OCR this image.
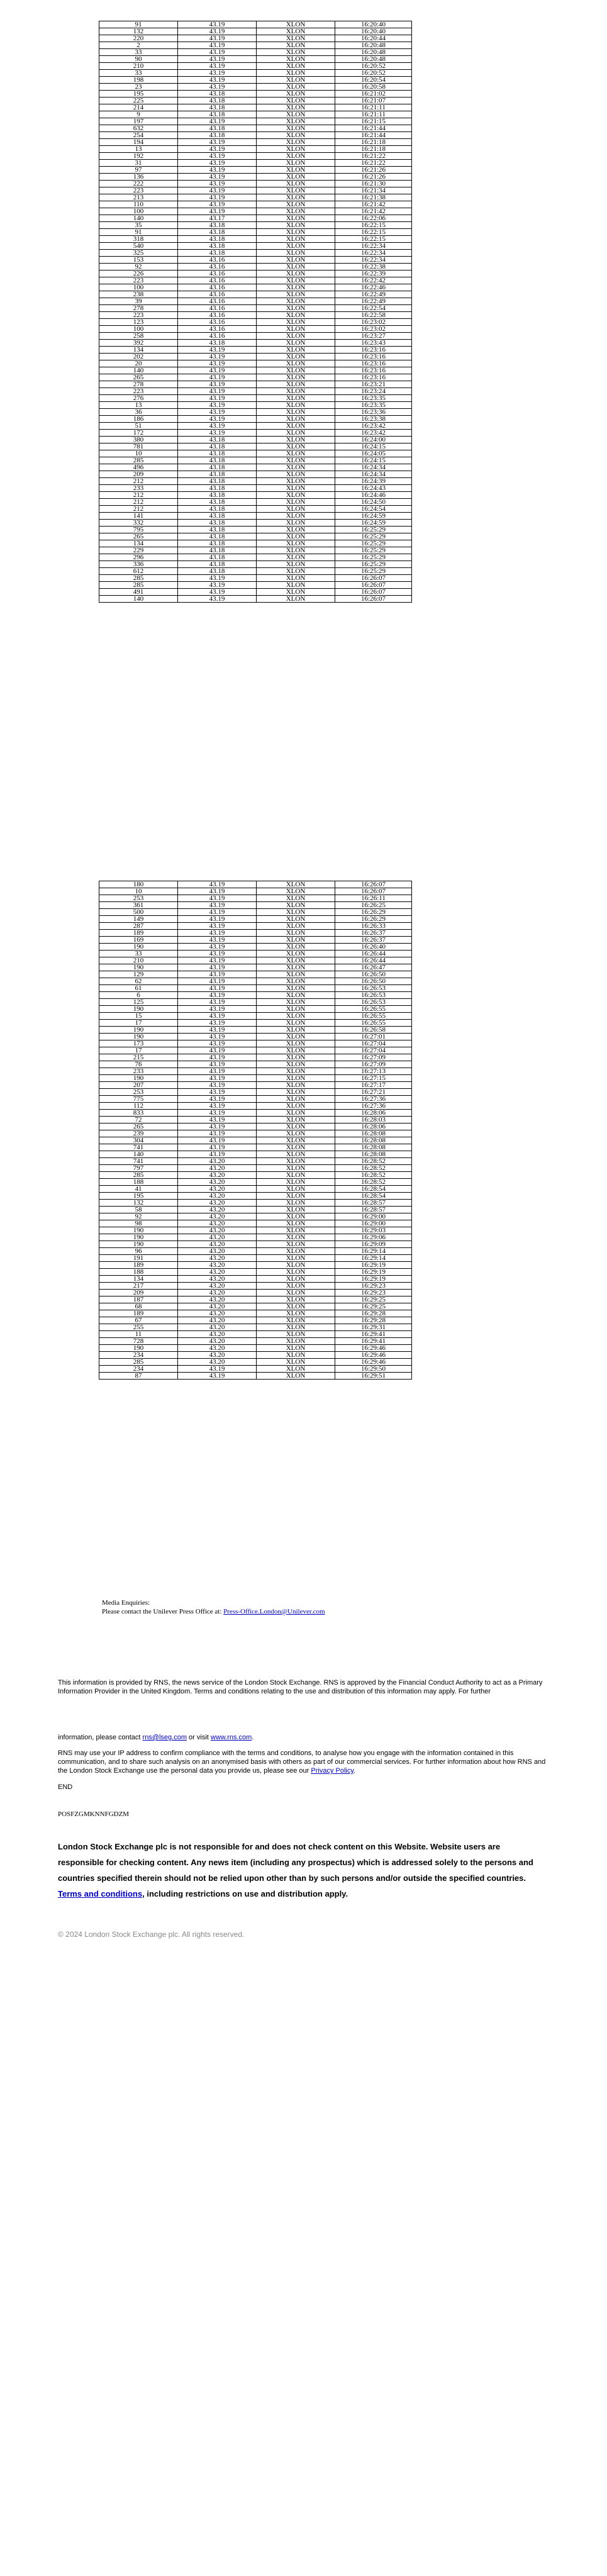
91	43.19	XLON	16:20:40
132	43.19	XLON	16:20:40
220	43.19	XLON	16:20:44
2	43.19	XLON	16:20:48
33	43.19	XLON	16:20:48
90	43.19	XLON	16:20:48
210	43.19	XLON	16:20:52
33	43.19	XLON	16:20:52
198	43.19	XLON	16:20:54
23	43.19	XLON	16:20:58
195	43.18	XLON	16:21:02
225	43.18	XLON	16:21:07
214	43.18	XLON	16:21:11
9	43.18	XLON	16:21:11
197	43.19	XLON	16:21:15
632	43.18	XLON	16:21:44
254	43.18	XLON	16:21:44
194	43.19	XLON	16:21:18
13	43.19	XLON	16:21:18
192	43.19	XLON	16:21:22
31	43.19	XLON	16:21:22
97	43.19	XLON	16:21:26
136	43.19	XLON	16:21:26
222	43.19	XLON	16:21:30
223	43.19	XLON	16:21:34
213	43.19	XLON	16:21:38
110	43.19	XLON	16:21:42
100	43.19	XLON	16:21:42
140	43.17	XLON	16:22:06
35	43.18	XLON	16:22:15
91	43.18	XLON	16:22:15
318	43.18	XLON	16:22:15
540	43.18	XLON	16:22:34
325	43.18	XLON	16:22:34
153	43.16	XLON	16:22:34
92	43.16	XLON	16:22:38
226	43.16	XLON	16:22:39
223	43.16	XLON	16:22:42
100	43.16	XLON	16:22:46
238	43.16	XLON	16:22:49
39	43.16	XLON	16:22:49
278	43.16	XLON	16:22:54
223	43.16	XLON	16:22:58
123	43.16	XLON	16:23:02
100	43.16	XLON	16:23:02
258	43.16	XLON	16:23:27
392	43.18	XLON	16:23:43
134	43.19	XLON	16:23:16
202	43.19	XLON	16:23:16
20	43.19	XLON	16:23:16
140	43.19	XLON	16:23:16
265	43.19	XLON	16:23:16
278	43.19	XLON	16:23:21
223	43.19	XLON	16:23:24
276	43.19	XLON	16:23:35
13	43.19	XLON	16:23:35
36	43.19	XLON	16:23:36
186	43.19	XLON	16:23:38
51	43.19	XLON	16:23:42
172	43.19	XLON	16:23:42
380	43.18	XLON	16:24:00
781	43.18	XLON	16:24:15
10	43.18	XLON	16:24:05
285	43.18	XLON	16:24:15
496	43.18	XLON	16:24:34
209	43.18	XLON	16:24:34
212	43.18	XLON	16:24:39
233	43.18	XLON	16:24:43
212	43.18	XLON	16:24:46
212	43.18	XLON	16:24:50
212	43.18	XLON	16:24:54
141	43.18	XLON	16:24:59
332	43.18	XLON	16:24:59
795	43.18	XLON	16:25:29
265	43.18	XLON	16:25:29
134	43.18	XLON	16:25:29
229	43.18	XLON	16:25:29
296	43.18	XLON	16:25:29
336	43.18	XLON	16:25:29
612	43.18	XLON	16:25:29
285	43.19	XLON	16:26:07
285	43.19	XLON	16:26:07
491	43.19	XLON	16:26:07
140	43.19	XLON	16:26:07
180	43.19	XLON	16:26:07
10	43.19	XLON	16:26:07
253	43.19	XLON	16:26:11
361	43.19	XLON	16:26:25
500	43.19	XLON	16:26:29
149	43.19	XLON	16:26:29
287	43.19	XLON	16:26:33
189	43.19	XLON	16:26:37
169	43.19	XLON	16:26:37
190	43.19	XLON	16:26:40
33	43.19	XLON	16:26:44
210	43.19	XLON	16:26:44
190	43.19	XLON	16:26:47
129	43.19	XLON	16:26:50
62	43.19	XLON	16:26:50
61	43.19	XLON	16:26:53
6	43.19	XLON	16:26:53
125	43.19	XLON	16:26:53
190	43.19	XLON	16:26:55
15	43.19	XLON	16:26:55
17	43.19	XLON	16:26:55
190	43.19	XLON	16:26:58
190	43.19	XLON	16:27:01
173	43.19	XLON	16:27:04
17	43.19	XLON	16:27:04
215	43.19	XLON	16:27:09
76	43.19	XLON	16:27:09
233	43.19	XLON	16:27:13
190	43.19	XLON	16:27:15
207	43.19	XLON	16:27:17
253	43.19	XLON	16:27:21
775	43.19	XLON	16:27:36
112	43.19	XLON	16:27:36
833	43.19	XLON	16:28:06
72	43.19	XLON	16:28:03
265	43.19	XLON	16:28:06
239	43.19	XLON	16:28:08
304	43.19	XLON	16:28:08
741	43.19	XLON	16:28:08
140	43.19	XLON	16:28:08
741	43.20	XLON	16:28:52
797	43.20	XLON	16:28:52
285	43.20	XLON	16:28:52
188	43.20	XLON	16:28:52
41	43.20	XLON	16:28:54
195	43.20	XLON	16:28:54
132	43.20	XLON	16:28:57
58	43.20	XLON	16:28:57
92	43.20	XLON	16:29:00
98	43.20	XLON	16:29:00
190	43.20	XLON	16:29:03
190	43.20	XLON	16:29:06
190	43.20	XLON	16:29:09
96	43.20	XLON	16:29:14
191	43.20	XLON	16:29:14
189	43.20	XLON	16:29:19
188	43.20	XLON	16:29:19
134	43.20	XLON	16:29:19
217	43.20	XLON	16:29:23
209	43.20	XLON	16:29:23
187	43.20	XLON	16:29:25
68	43.20	XLON	16:29:25
189	43.20	XLON	16:29:28
67	43.20	XLON	16:29:28
255	43.20	XLON	16:29:31
11	43.20	XLON	16:29:41
728	43.20	XLON	16:29:41
190	43.20	XLON	16:29:46
234	43.20	XLON	16:29:46
285	43.20	XLON	16:29:46
234	43.19	XLON	16:29:50
87	43.19	XLON	16:29:51
Media Enquiries:
Please contact the Unilever Press Office at: Press-Office.London@Unilever.com
This information is provided by RNS, the news service of the London Stock Exchange. RNS is approved by the Financial Conduct Authority to act as a Primary Information Provider in the United Kingdom. Terms and conditions relating to the use and distribution of this information may apply. For further
information, please contact rns@lseg.com or visit www.rns.com.
RNS may use your IP address to confirm compliance with the terms and conditions, to analyse how you engage with the information contained in this communication, and to share such analysis on an anonymised basis with others as part of our commercial services. For further information about how RNS and the London Stock Exchange use the personal data you provide us, please see our Privacy Policy.
END
POSFZGMKNNFGDZM
London Stock Exchange plc is not responsible for and does not check content on this Website. Website users are responsible for checking content. Any news item (including any prospectus) which is addressed solely to the persons and countries specified therein should not be relied upon other than by such persons and/or outside the specified countries. Terms and conditions, including restrictions on use and distribution apply.
© 2024 London Stock Exchange plc. All rights reserved.
